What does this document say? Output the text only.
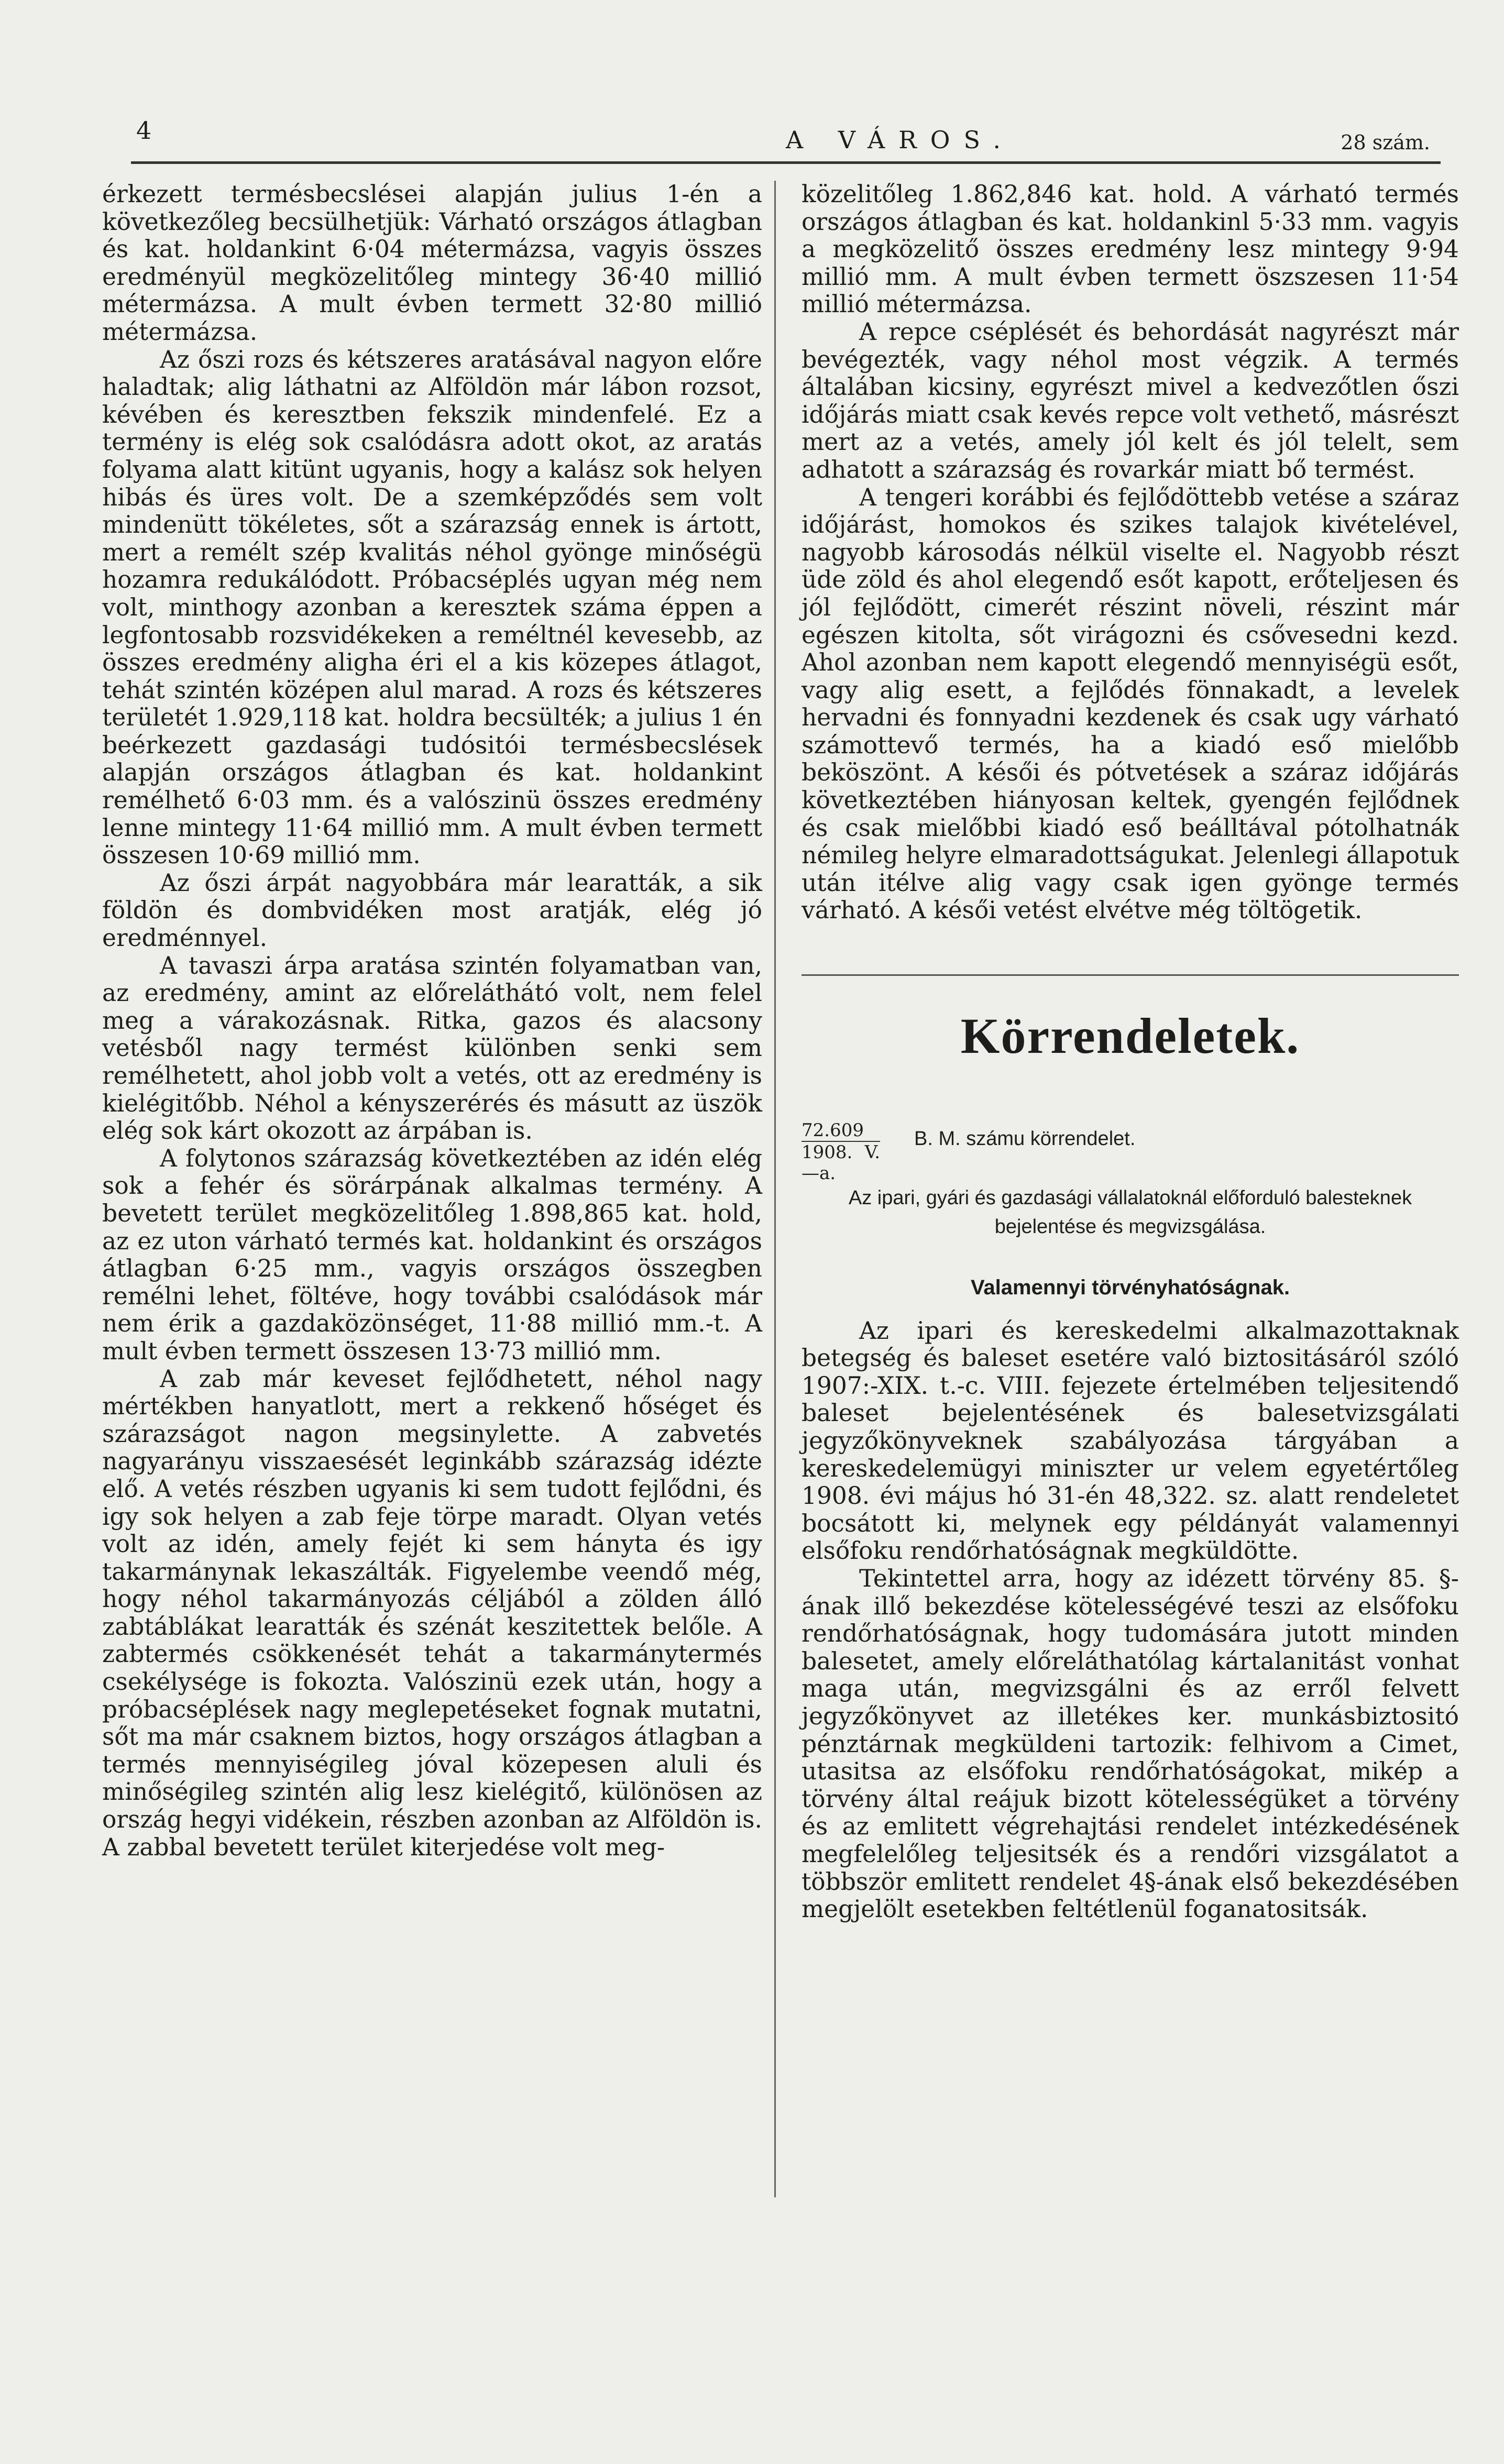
4	A VÁROS.	28 szám.

érkezett termésbecslései alapján julius 1-én a következőleg becsülhetjük: Várható országos átlagban és kat. holdankint 6·04 métermázsa, vagyis összes eredményül megközelitőleg mintegy 36·40 millió métermázsa. A mult évben termett 32·80 millió métermázsa.

Az őszi rozs és kétszeres aratásával nagyon előre haladtak; alig láthatni az Alföldön már lábon rozsot, kévében és keresztben fekszik mindenfelé. Ez a termény is elég sok csalódásra adott okot, az aratás folyama alatt kitünt ugyanis, hogy a kalász sok helyen hibás és üres volt. De a szemképződés sem volt mindenütt tökéletes, sőt a szárazság ennek is ártott, mert a remélt szép kvalitás néhol gyönge minőségü hozamra redukálódott. Próbacséplés ugyan még nem volt, minthogy azonban a keresztek száma éppen a legfontosabb rozsvidékeken a reméltnél kevesebb, az összes eredmény aligha éri el a kis közepes átlagot, tehát szintén középen alul marad. A rozs és kétszeres területét 1.929,118 kat. holdra becsülték; a julius 1 én beérkezett gazdasági tudósitói termésbecslések alapján országos átlagban és kat. holdankint remélhető 6·03 mm. és a valószinü összes eredmény lenne mintegy 11·64 millió mm. A mult évben termett összesen 10·69 millió mm.

Az őszi árpát nagyobbára már learatták, a sik földön és dombvidéken most aratják, elég jó eredménnyel.

A tavaszi árpa aratása szintén folyamatban van, az eredmény, amint az előreláthátó volt, nem felel meg a várakozásnak. Ritka, gazos és alacsony vetésből nagy termést különben senki sem remélhetett, ahol jobb volt a vetés, ott az eredmény is kielégitőbb. Néhol a kényszerérés és másutt az üszök elég sok kárt okozott az árpában is.

A folytonos szárazság következtében az idén elég sok a fehér és sörárpának alkalmas termény. A bevetett terület megközelitőleg 1.898,865 kat. hold, az ez uton várható termés kat. holdankint és országos átlagban 6·25 mm., vagyis országos összegben remélni lehet, föltéve, hogy további csalódások már nem érik a gazdaközönséget, 11·88 millió mm.-t. A mult évben termett összesen 13·73 millió mm.

A zab már keveset fejlődhetett, néhol nagy mértékben hanyatlott, mert a rekkenő hőséget és szárazságot nagon megsinylette. A zabvetés nagyarányu visszaesését leginkább szárazság idézte elő. A vetés részben ugyanis ki sem tudott fejlődni, és igy sok helyen a zab feje törpe maradt. Olyan vetés volt az idén, amely fejét ki sem hányta és igy takarmánynak lekaszálták. Figyelembe veendő még, hogy néhol takarmányozás céljából a zölden álló zabtáblákat learatták és szénát keszitettek belőle. A zabtermés csökkenését tehát a takarmánytermés csekélysége is fokozta. Valószinü ezek után, hogy a próbacséplések nagy meglepetéseket fognak mutatni, sőt ma már csaknem biztos, hogy országos átlagban a termés mennyiségileg jóval közepesen aluli és minőségileg szintén alig lesz kielégitő, különösen az ország hegyi vidékein, részben azonban az Alföldön is. A zabbal bevetett terület kiterjedése volt meg-

közelitőleg 1.862,846 kat. hold. A várható termés országos átlagban és kat. holdankinl 5·33 mm. vagyis a megközelitő összes eredmény lesz mintegy 9·94 millió mm. A mult évben termett öszszesen 11·54 millió métermázsa.

A repce cséplését és behordását nagyrészt már bevégezték, vagy néhol most végzik. A termés általában kicsiny, egyrészt mivel a kedvezőtlen őszi időjárás miatt csak kevés repce volt vethető, másrészt mert az a vetés, amely jól kelt és jól telelt, sem adhatott a szárazság és rovarkár miatt bő termést.

A tengeri korábbi és fejlődöttebb vetése a száraz időjárást, homokos és szikes talajok kivételével, nagyobb károsodás nélkül viselte el. Nagyobb részt üde zöld és ahol elegendő esőt kapott, erőteljesen és jól fejlődött, cimerét részint növeli, részint már egészen kitolta, sőt virágozni és csővesedni kezd. Ahol azonban nem kapott elegendő mennyiségü esőt, vagy alig esett, a fejlődés fönnakadt, a levelek hervadni és fonnyadni kezdenek és csak ugy várható számottevő termés, ha a kiadó eső mielőbb beköszönt. A késői és pótvetések a száraz időjárás következtében hiányosan keltek, gyengén fejlődnek és csak mielőbbi kiadó eső beálltával pótolhatnák némileg helyre elmaradottságukat. Jelenlegi állapotuk után itélve alig vagy csak igen gyönge termés várható. A késői vetést elvétve még töltögetik.

Körrendeletek.
72.609
1908. V.—a.
B. M. számu körrendelet.
Az ipari, gyári és gazdasági vállalatoknál előforduló balesteknek bejelentése és megvizsgálása.
Valamennyi törvényhatóságnak.

Az ipari és kereskedelmi alkalmazottaknak betegség és baleset esetére való biztositásáról szóló 1907:-XIX. t.-c. VIII. fejezete értelmében teljesitendő baleset bejelentésének és balesetvizsgálati jegyzőkönyveknek szabályozása tárgyában a kereskedelemügyi miniszter ur velem egyetértőleg 1908. évi május hó 31-én 48,322. sz. alatt rendeletet bocsátott ki, melynek egy példányát valamennyi elsőfoku rendőrhatóságnak megküldötte.

Tekintettel arra, hogy az idézett törvény 85. §-ának illő bekezdése kötelességévé teszi az elsőfoku rendőrhatóságnak, hogy tudomására jutott minden balesetet, amely előreláthatólag kártalanitást vonhat maga után, megvizsgálni és az erről felvett jegyzőkönyvet az illetékes ker. munkásbiztositó pénztárnak megküldeni tartozik: felhivom a Cimet, utasitsa az elsőfoku rendőrhatóságokat, mikép a törvény által reájuk bizott kötelességüket a törvény és az emlitett végrehajtási rendelet intézkedésének megfelelőleg teljesitsék és a rendőri vizsgálatot a többször emlitett rendelet 4§-ának első bekezdésében megjelölt esetekben feltétlenül foganatositsák.
